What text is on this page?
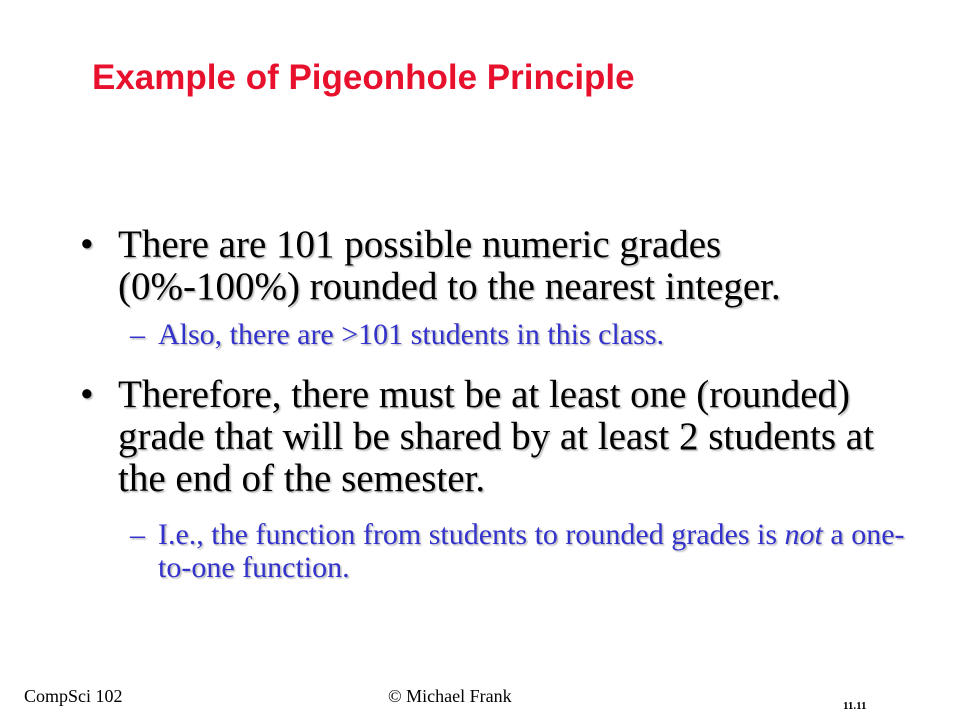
Example of Pigeonhole Principle
• There are 101 possible numeric grades (0%-100%) rounded to the nearest integer.
– Also, there are >101 students in this class.
• Therefore, there must be at least one (rounded) grade that will be shared by at least 2 students at the end of the semester.
– I.e., the function from students to rounded grades is not a one-to-one function.
CompSci 102	© Michael Frank	11.11
